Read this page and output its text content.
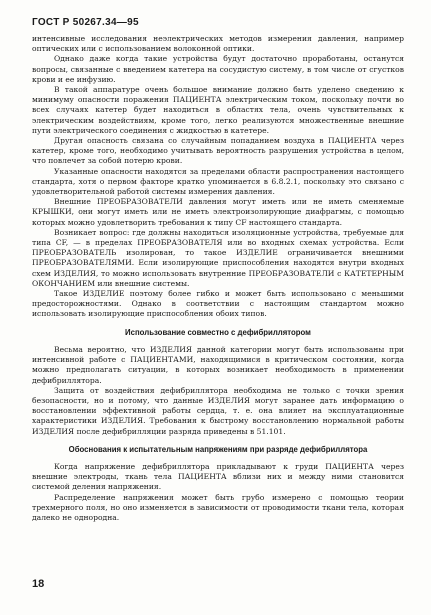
ГОСТ Р 50267.34—95

интенсивные исследования неэлектрических методов измерения давления, например оптических или с использованием волоконной оптики.

Однако даже когда такие устройства будут достаточно проработаны, останутся вопросы, связанные с введением катетера на сосудистую систему, в том числе от сгустков крови и ее инфузию.

В такой аппаратуре очень большое внимание должно быть уделено сведению к минимуму опасности поражения ПАЦИЕНТА электрическим током, поскольку почти во всех случаях катетер будет находиться в областях тела, очень чувствительных к электрическим воздействиям, кроме того, легко реализуются множественные внешние пути электрического соединения с жидкостью в катетере.

Другая опасность связана со случайным попаданием воздуха в ПАЦИЕНТА через катетер, кроме того, необходимо учитывать вероятность разрушения устройства в целом, что повлечет за собой потерю крови.

Указанные опасности находятся за пределами области распространения настоящего стандарта, хотя о первом факторе кратко упоминается в 6.8.2.1, поскольку это связано с удовлетворительной работой системы измерения давления.

Внешние ПРЕОБРАЗОВАТЕЛИ давления могут иметь или не иметь сменяемые КРЫШКИ, они могут иметь или не иметь электроизолирующие диафрагмы, с помощью которых можно удовлетворить требования к типу CF настоящего стандарта.

Возникает вопрос: где должны находиться изоляционные устройства, требуемые для типа CF, — в пределах ПРЕОБРАЗОВАТЕЛЯ или во входных схемах устройства. Если ПРЕОБРАЗОВАТЕЛЬ изолирован, то такое ИЗДЕЛИЕ ограничивается внешними ПРЕОБРАЗОВАТЕЛЯМИ. Если изолирующие приспособления находятся внутри входных схем ИЗДЕЛИЯ, то можно использовать внутренние ПРЕОБРАЗОВАТЕЛИ с КАТЕТЕРНЫМ ОКОНЧАНИЕМ или внешние системы.

Такое ИЗДЕЛИЕ поэтому более гибко и может быть использовано с меньшими предосторожностями. Однако в соответствии с настоящим стандартом можно использовать изолирующие приспособления обоих типов.

Использование совместно с дефибриллятором

Весьма вероятно, что ИЗДЕЛИЯ данной категории могут быть использованы при интенсивной работе с ПАЦИЕНТАМИ, находящимися в критическом состоянии, когда можно предполагать ситуации, в которых возникает необходимость в применении дефибриллятора.

Защита от воздействия дефибриллятора необходима не только с точки зрения безопасности, но и потому, что данные ИЗДЕЛИЯ могут заранее дать информацию о восстановлении эффективной работы сердца, т. е. она влияет на эксплуатационные характеристики ИЗДЕЛИЯ. Требования к быстрому восстановлению нормальной работы ИЗДЕЛИЯ после дефибрилляции разряда приведены в 51.101.

Обоснования к испытательным напряжениям при разряде дефибриллятора

Когда напряжение дефибриллятора прикладывают к груди ПАЦИЕНТА через внешние электроды, ткань тела ПАЦИЕНТА вблизи них и между ними становится системой деления напряжения.

Распределение напряжения может быть грубо измерено с помощью теории трехмерного поля, но оно изменяется в зависимости от проводимости ткани тела, которая далеко не однородна.

18
